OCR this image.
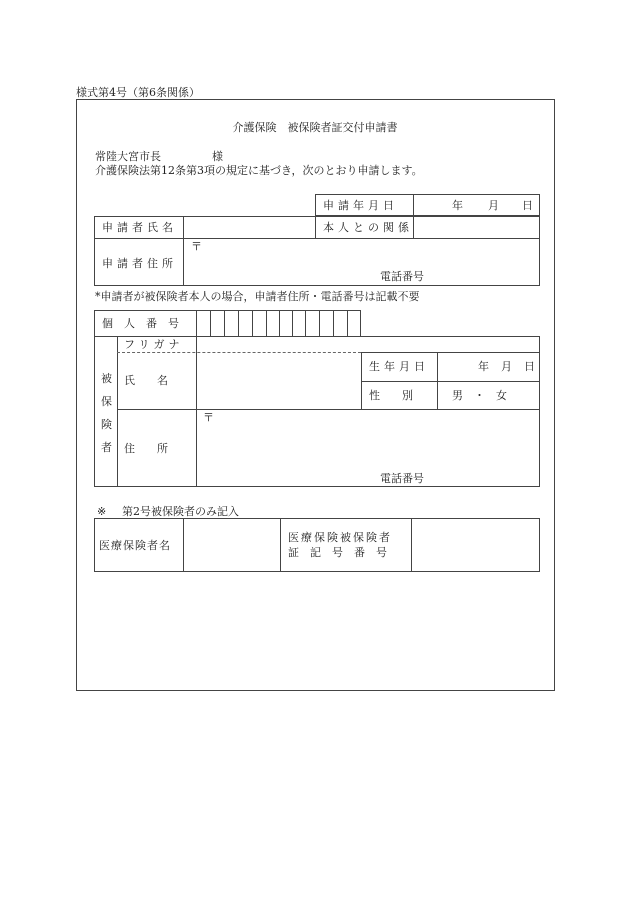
様式第4号（第6条関係）
介護保険　被保険者証交付申請書
常陸大宮市長	様
介護保険法第12条第3項の規定に基づき，次のとおり申請します。
申請年月日	年 月 日
申請者氏名	本人との関係
申請者住所
〒
電話番号
*申請者が被保険者本人の場合，申請者住所・電話番号は記載不要
個　人　番　号
被
保
険
者
フリガナ
氏　　名
生年月日	年 月 日
性　　別	男　・　女
住　　所
〒
電話番号
※ 第2号被保険者のみ記入
医療保険者名
医療保険被保険者
証　記　号　番　号
